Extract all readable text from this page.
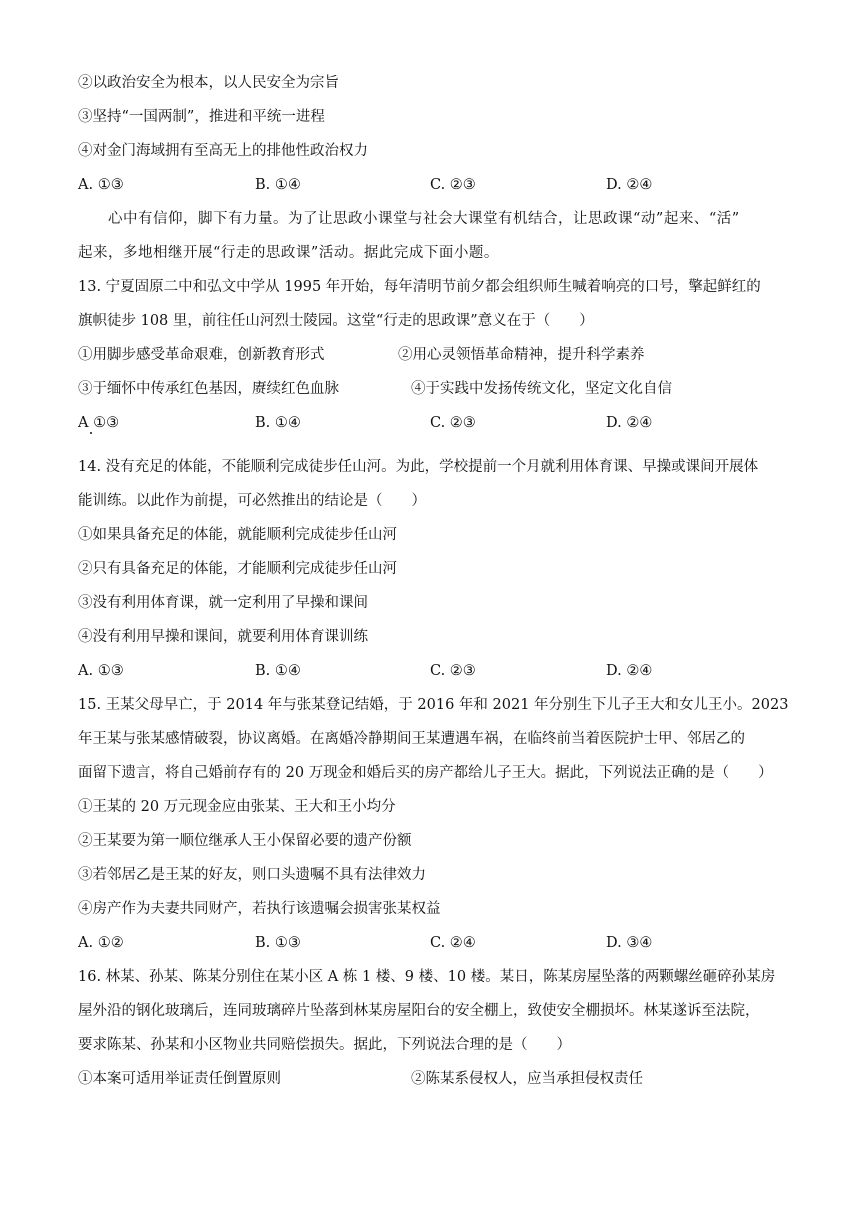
②以政治安全为根本，以人民安全为宗旨
③坚持“一国两制”，推进和平统一进程
④对金门海域拥有至高无上的排他性政治权力
A. ①③	B. ①④	C. ②③	D. ②④
心中有信仰，脚下有力量。为了让思政小课堂与社会大课堂有机结合，让思政课“动”起来、“活”
起来，多地相继开展“行走的思政课”活动。据此完成下面小题。
13. 宁夏固原二中和弘文中学从 1995 年开始，每年清明节前夕都会组织师生喊着响亮的口号，擎起鲜红的
旗帜徒步 108 里，前往任山河烈士陵园。这堂“行走的思政课”意义在于（　　）
①用脚步感受革命艰难，创新教育形式	②用心灵领悟革命精神，提升科学素养
③于缅怀中传承红色基因，赓续红色血脉	④于实践中发扬传统文化，坚定文化自信
A ①③	B. ①④	C. ②③	D. ②④
14. 没有充足的体能，不能顺利完成徒步任山河。为此，学校提前一个月就利用体育课、早操或课间开展体
能训练。以此作为前提，可必然推出的结论是（　　）
①如果具备充足的体能，就能顺利完成徒步任山河
②只有具备充足的体能，才能顺利完成徒步任山河
③没有利用体育课，就一定利用了早操和课间
④没有利用早操和课间，就要利用体育课训练
A. ①③	B. ①④	C. ②③	D. ②④
15. 王某父母早亡，于 2014 年与张某登记结婚，于 2016 年和 2021 年分别生下儿子王大和女儿王小。2023
年王某与张某感情破裂，协议离婚。在离婚冷静期间王某遭遇车祸，在临终前当着医院护士甲、邻居乙的
面留下遗言，将自己婚前存有的 20 万现金和婚后买的房产都给儿子王大。据此，下列说法正确的是（　　）
①王某的 20 万元现金应由张某、王大和王小均分
②王某要为第一顺位继承人王小保留必要的遗产份额
③若邻居乙是王某的好友，则口头遗嘱不具有法律效力
④房产作为夫妻共同财产，若执行该遗嘱会损害张某权益
A. ①②	B. ①③	C. ②④	D. ③④
16. 林某、孙某、陈某分别住在某小区 A 栋 1 楼、9 楼、10 楼。某日，陈某房屋坠落的两颗螺丝砸碎孙某房
屋外沿的钢化玻璃后，连同玻璃碎片坠落到林某房屋阳台的安全棚上，致使安全棚损坏。林某遂诉至法院，
要求陈某、孙某和小区物业共同赔偿损失。据此，下列说法合理的是（　　）
①本案可适用举证责任倒置原则	②陈某系侵权人，应当承担侵权责任
